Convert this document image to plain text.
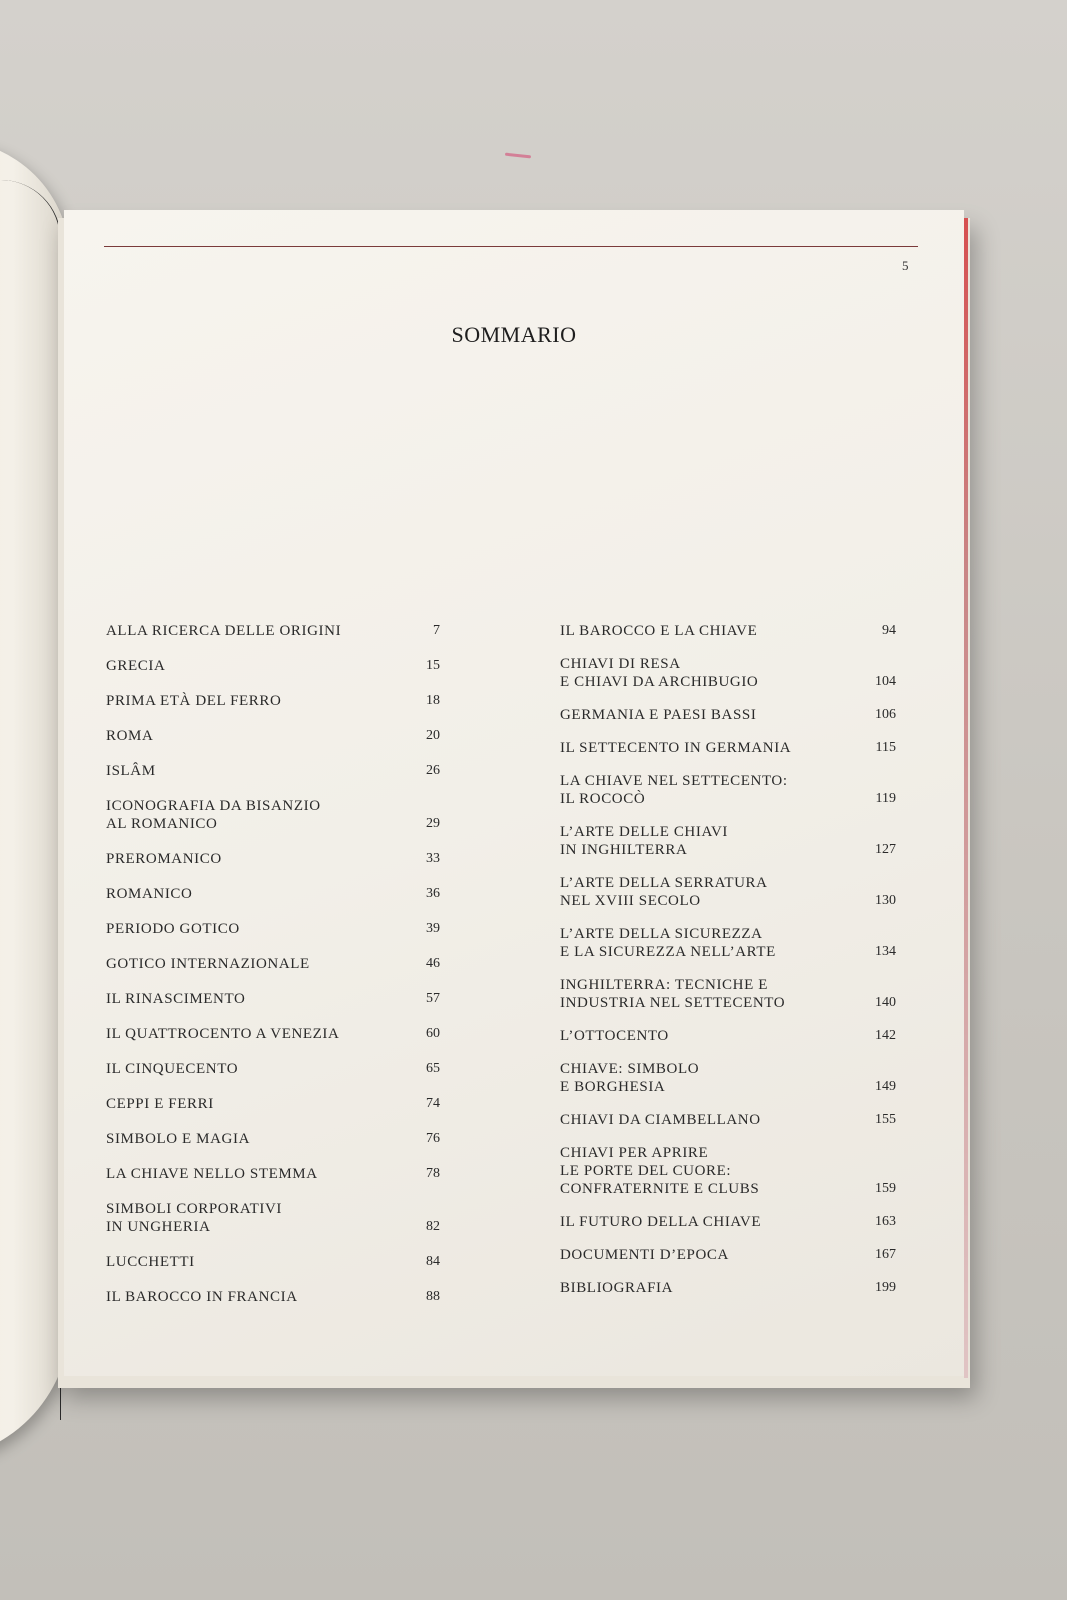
5
SOMMARIO
ALLA RICERCA DELLE ORIGINI	7
GRECIA	15
PRIMA ETÀ DEL FERRO	18
ROMA	20
ISLÂM	26
ICONOGRAFIA DA BISANZIO
AL ROMANICO	29
PREROMANICO	33
ROMANICO	36
PERIODO GOTICO	39
GOTICO INTERNAZIONALE	46
IL RINASCIMENTO	57
IL QUATTROCENTO A VENEZIA	60
IL CINQUECENTO	65
CEPPI E FERRI	74
SIMBOLO E MAGIA	76
LA CHIAVE NELLO STEMMA	78
SIMBOLI CORPORATIVI
IN UNGHERIA	82
LUCCHETTI	84
IL BAROCCO IN FRANCIA	88
IL BAROCCO E LA CHIAVE	94
CHIAVI DI RESA
E CHIAVI DA ARCHIBUGIO	104
GERMANIA E PAESI BASSI	106
IL SETTECENTO IN GERMANIA	115
LA CHIAVE NEL SETTECENTO:
IL ROCOCÒ	119
L’ARTE DELLE CHIAVI
IN INGHILTERRA	127
L’ARTE DELLA SERRATURA
NEL XVIII SECOLO	130
L’ARTE DELLA SICUREZZA
E LA SICUREZZA NELL’ARTE	134
INGHILTERRA: TECNICHE E
INDUSTRIA NEL SETTECENTO	140
L’OTTOCENTO	142
CHIAVE: SIMBOLO
E BORGHESIA	149
CHIAVI DA CIAMBELLANO	155
CHIAVI PER APRIRE
LE PORTE DEL CUORE:
CONFRATERNITE E CLUBS	159
IL FUTURO DELLA CHIAVE	163
DOCUMENTI D’EPOCA	167
BIBLIOGRAFIA	199
